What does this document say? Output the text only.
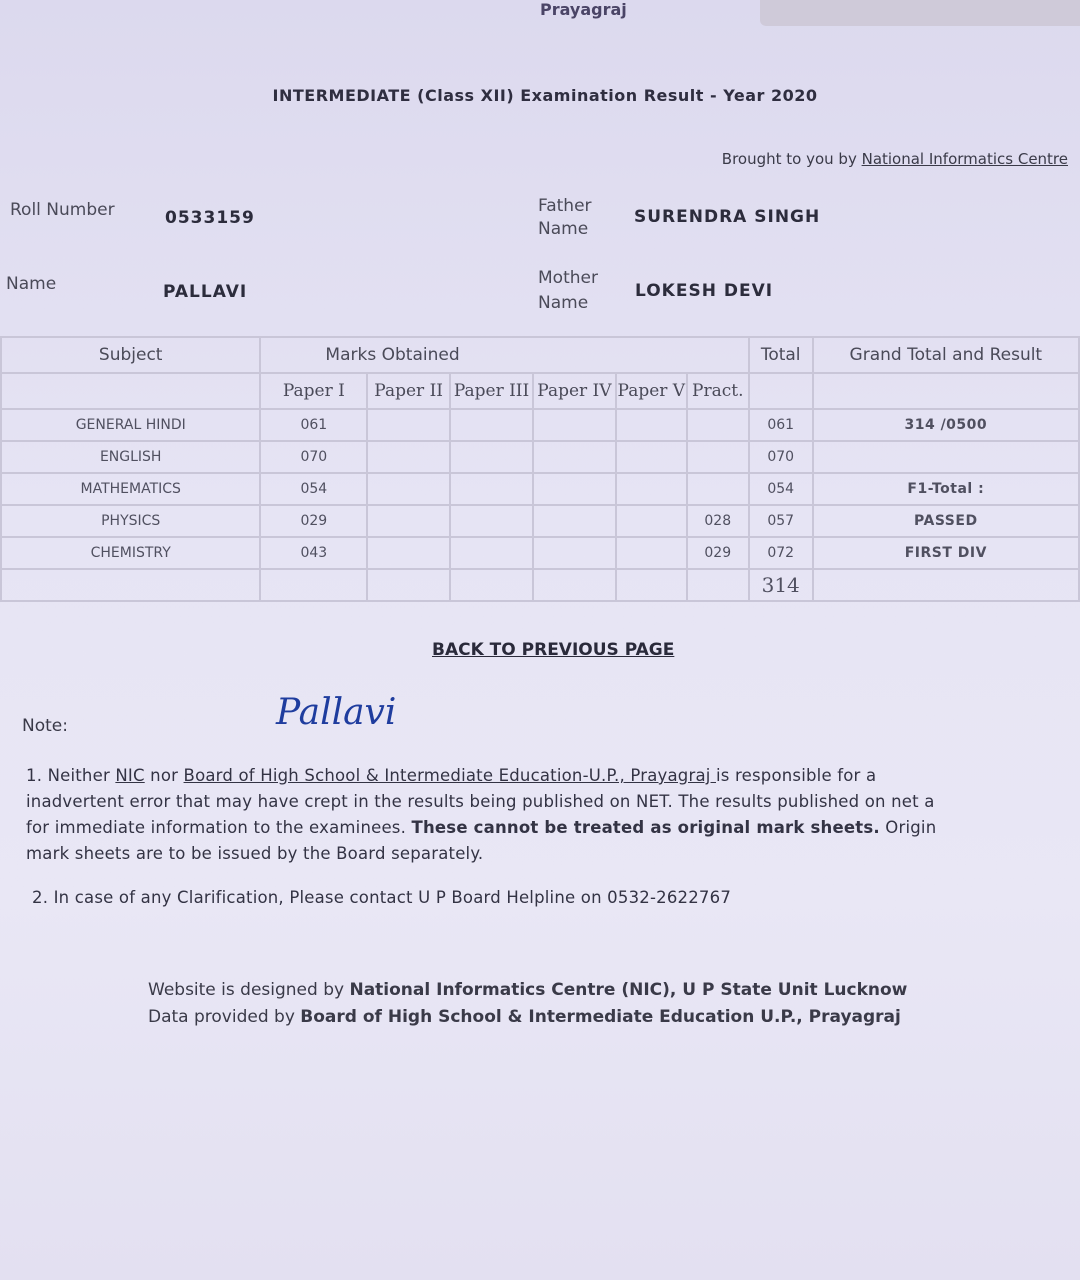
Prayagraj
INTERMEDIATE (Class XII) Examination Result - Year 2020
Brought to you by National Informatics Centre
Roll Number	0533159
Name	PALLAVI
Father
Name
SURENDRA SINGH
Mother
Name
LOKESH DEVI
Subject	Marks Obtained						Total	Grand Total and Result
	Paper I	Paper II	Paper III	Paper IV	Paper V	Pract.		
GENERAL HINDI	061						061	314 /0500
ENGLISH	070						070	
MATHEMATICS	054						054	F1-Total :
PHYSICS	029					028	057	PASSED
CHEMISTRY	043					029	072	FIRST DIV
							314	
BACK TO PREVIOUS PAGE
Note:	Pallavi
1. Neither NIC nor Board of High School & Intermediate Education-U.P., Prayagraj is responsible for a
inadvertent error that may have crept in the results being published on NET. The results published on net a
for immediate information to the examinees. These cannot be treated as original mark sheets. Origin
mark sheets are to be issued by the Board separately.
2. In case of any Clarification, Please contact U P Board Helpline on 0532-2622767
Website is designed by National Informatics Centre (NIC), U P State Unit Lucknow
Data provided by Board of High School & Intermediate Education U.P., Prayagraj
